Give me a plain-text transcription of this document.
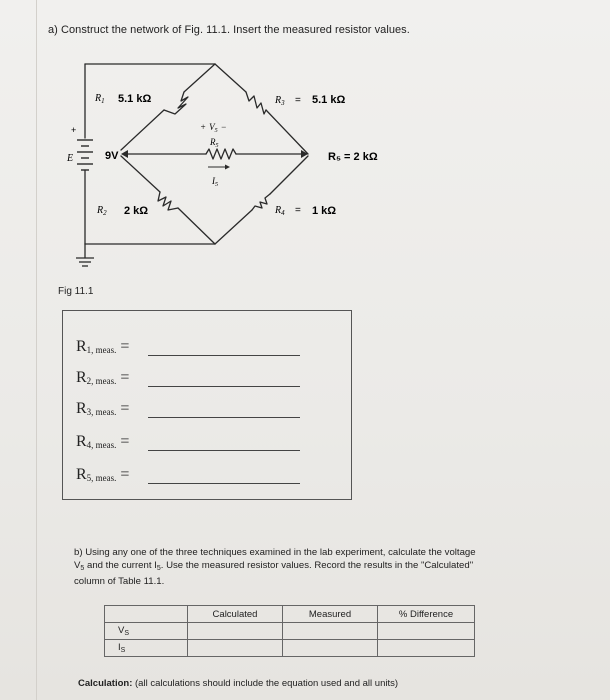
a) Construct the network of Fig. 11.1. Insert the measured resistor values.
E
+
9V
$R_1$ 5.1 kΩ
$R_2$ 2 kΩ
$R_3 = 5.1$ kΩ
$R_4 = 1$ kΩ
R₅ = 2 kΩ
$R_5$
+ $V_5$ −
$I_5$
Fig 11.1
$R_{1, meas.}$ =
$R_{2, meas.}$ =
$R_{3, meas.}$ =
$R_{4, meas.}$ =
$R_{5, meas.}$ =
b) Using any one of the three techniques examined in the lab experiment, calculate the voltage
$V_5$ and the current $I_5$. Use the measured resistor values. Record the results in the "Calculated"
column of Table 11.1.
	Calculated	Measured	% Difference
$V_S$			
$I_S$			
Calculation: (all calculations should include the equation used and all units)
